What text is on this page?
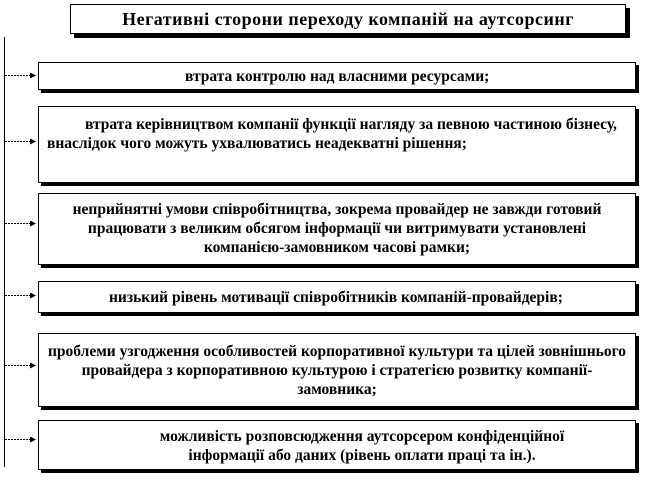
Негативні сторони переходу компаній на аутсорсинг
втрата контролю над власними ресурсами;
втрата керівництвом компанії функції нагляду за певною частиною бізнесу, внаслідок чого можуть ухвалюватись неадекватні рішення;
неприйнятні умови співробітництва, зокрема провайдер не завжди готовий працювати з великим обсягом інформації чи витримувати установлені компанією-замовником часові рамки;
низький рівень мотивації співробітників компаній-провайдерів;
проблеми узгодження особливостей корпоративної культури та цілей зовнішнього провайдера з корпоративною культурою і стратегією розвитку компанії-замовника;
можливість розповсюдження аутсорсером конфіденційної інформації або даних (рівень оплати праці та ін.).
